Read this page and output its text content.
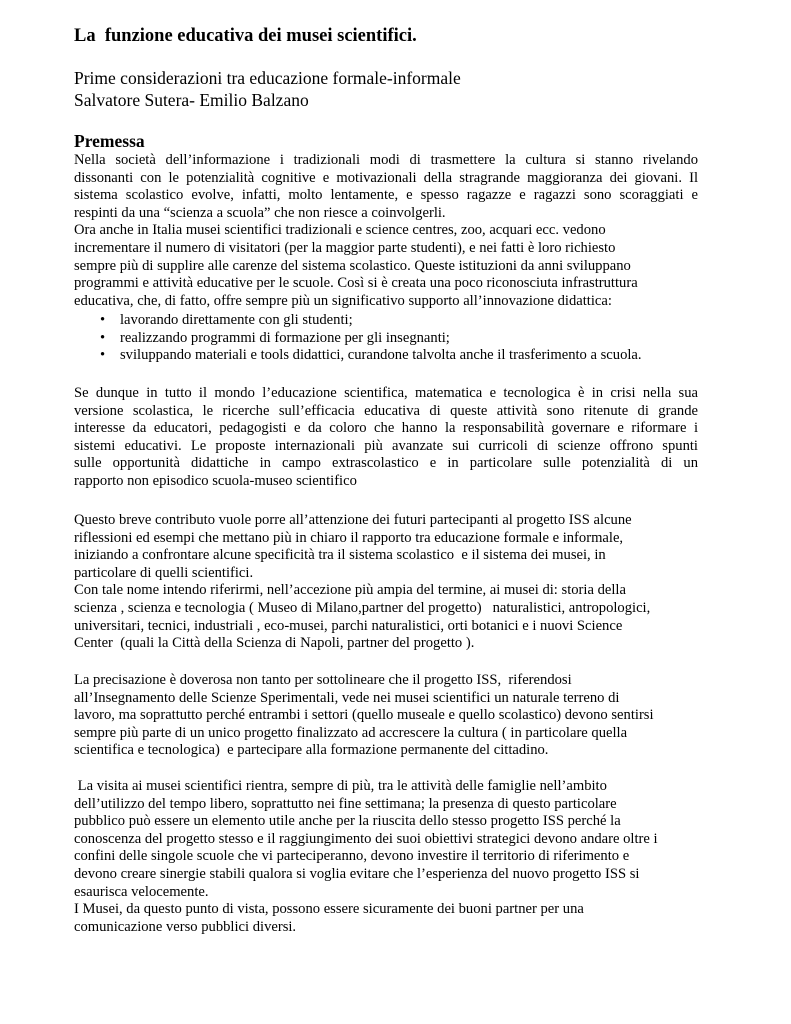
La  funzione educativa dei musei scientifici.

Prime considerazioni tra educazione formale-informale

Salvatore Sutera- Emilio Balzano

Premessa
Nella società dell’informazione i tradizionali modi di trasmettere la cultura si stanno rivelando
dissonanti con le potenzialità cognitive e motivazionali della stragrande maggioranza dei giovani. Il
sistema scolastico evolve, infatti, molto lentamente, e spesso ragazze e ragazzi sono scoraggiati e
respinti da una “scienza a scuola” che non riesce a coinvolgerli.
Ora anche in Italia musei scientifici tradizionali e science centres, zoo, acquari ecc. vedono
incrementare il numero di visitatori (per la maggior parte studenti), e nei fatti è loro richiesto
sempre più di supplire alle carenze del sistema scolastico. Queste istituzioni da anni sviluppano
programmi e attività educative per le scuole. Così si è creata una poco riconosciuta infrastruttura
educativa, che, di fatto, offre sempre più un significativo supporto all’innovazione didattica:
•	lavorando direttamente con gli studenti;
•	realizzando programmi di formazione per gli insegnanti;
•	sviluppando materiali e tools didattici, curandone talvolta anche il trasferimento a scuola.
Se dunque in tutto il mondo l’educazione scientifica, matematica e tecnologica è in crisi nella sua
versione scolastica, le ricerche sull’efficacia educativa di queste attività sono ritenute di grande
interesse da educatori, pedagogisti e da coloro che hanno la responsabilità governare e riformare i
sistemi educativi. Le proposte internazionali più avanzate sui curricoli di scienze offrono spunti
sulle opportunità didattiche in campo extrascolastico e in particolare sulle potenzialità di un
rapporto non episodico scuola-museo scientifico
Questo breve contributo vuole porre all’attenzione dei futuri partecipanti al progetto ISS alcune
riflessioni ed esempi che mettano più in chiaro il rapporto tra educazione formale e informale,
iniziando a confrontare alcune specificità tra il sistema scolastico  e il sistema dei musei, in
particolare di quelli scientifici.
Con tale nome intendo riferirmi, nell’accezione più ampia del termine, ai musei di: storia della
scienza , scienza e tecnologia ( Museo di Milano,partner del progetto)   naturalistici, antropologici,
universitari, tecnici, industriali , eco-musei, parchi naturalistici, orti botanici e i nuovi Science
Center  (quali la Città della Scienza di Napoli, partner del progetto ).
La precisazione è doverosa non tanto per sottolineare che il progetto ISS,  riferendosi
all’Insegnamento delle Scienze Sperimentali, vede nei musei scientifici un naturale terreno di
lavoro, ma soprattutto perché entrambi i settori (quello museale e quello scolastico) devono sentirsi
sempre più parte di un unico progetto finalizzato ad accrescere la cultura ( in particolare quella
scientifica e tecnologica)  e partecipare alla formazione permanente del cittadino.
La visita ai musei scientifici rientra, sempre di più, tra le attività delle famiglie nell’ambito
dell’utilizzo del tempo libero, soprattutto nei fine settimana; la presenza di questo particolare
pubblico può essere un elemento utile anche per la riuscita dello stesso progetto ISS perché la
conoscenza del progetto stesso e il raggiungimento dei suoi obiettivi strategici devono andare oltre i
confini delle singole scuole che vi parteciperanno, devono investire il territorio di riferimento e
devono creare sinergie stabili qualora si voglia evitare che l’esperienza del nuovo progetto ISS si
esaurisca velocemente.
I Musei, da questo punto di vista, possono essere sicuramente dei buoni partner per una
comunicazione verso pubblici diversi.
